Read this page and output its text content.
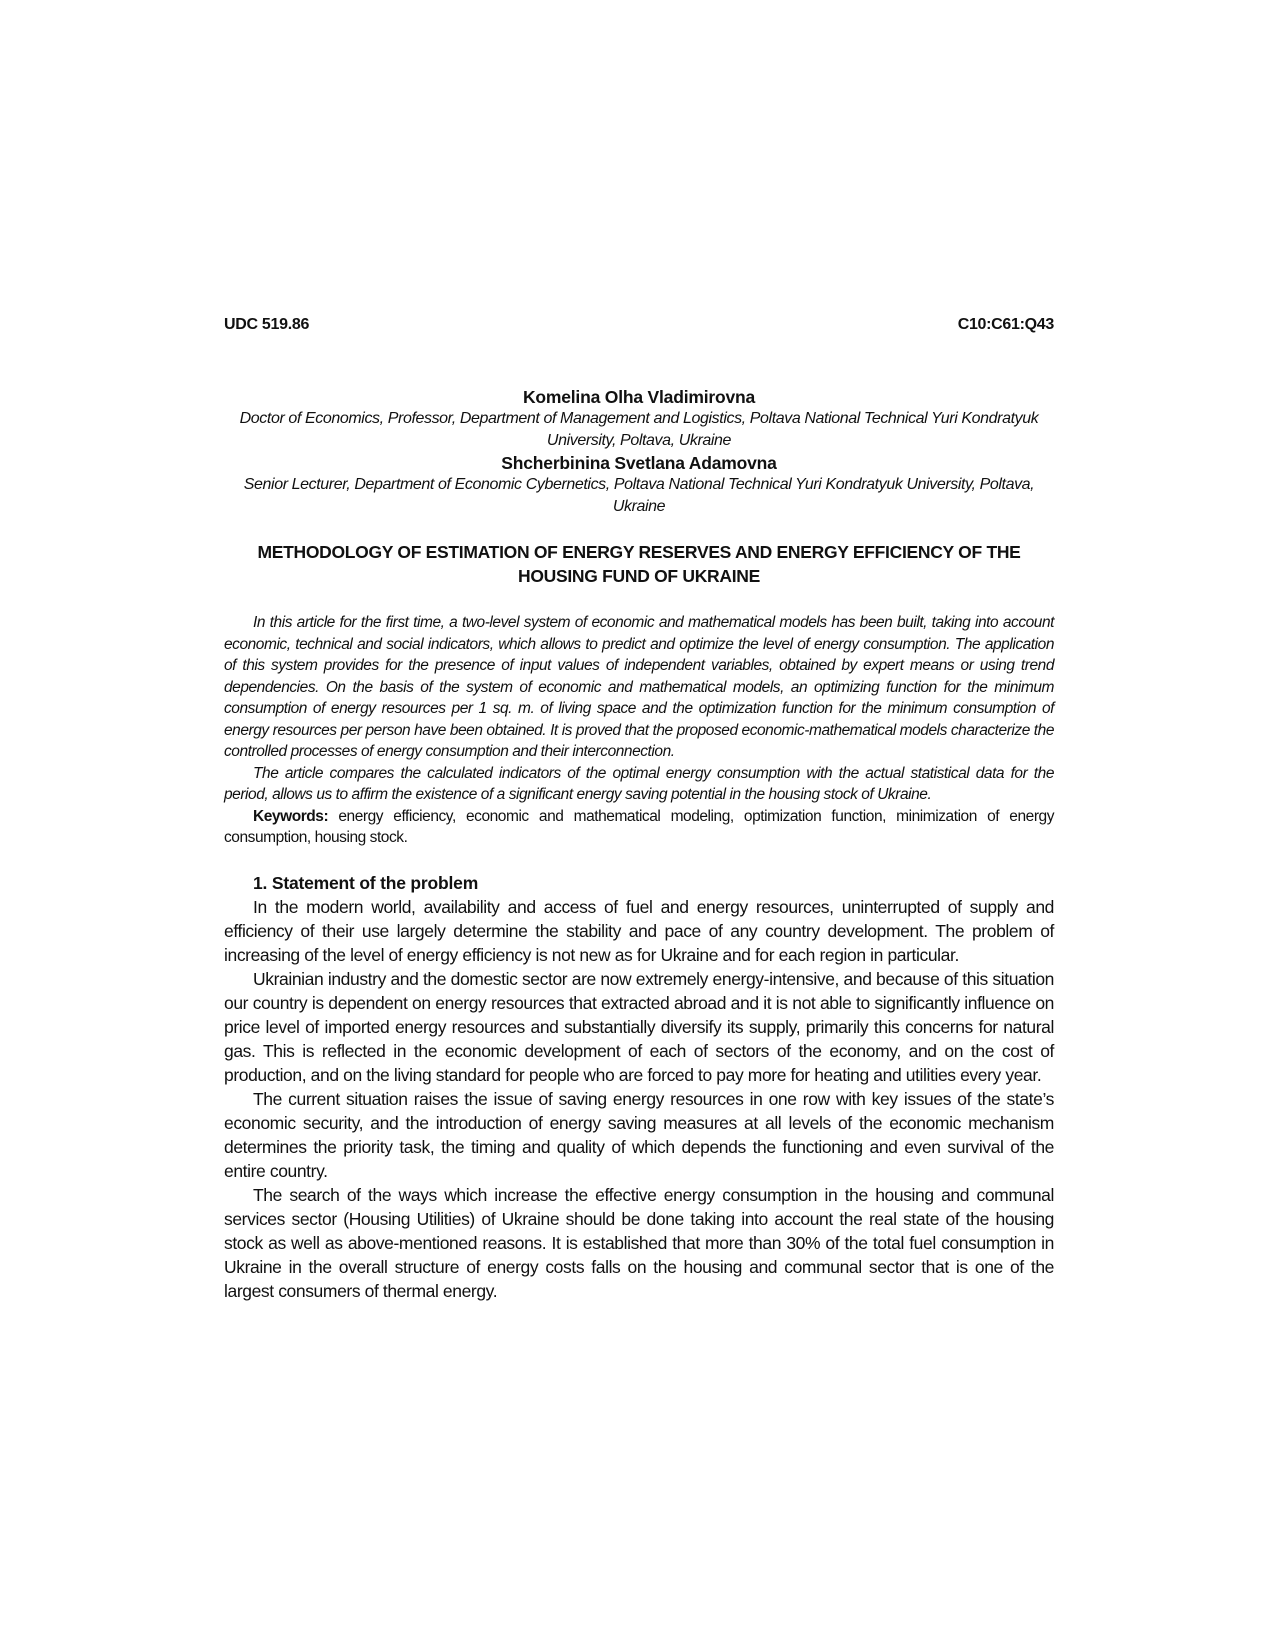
UDC 519.86	C10:C61:Q43
Komelina Olha Vladimirovna
Doctor of Economics, Professor, Department of Management and Logistics, Poltava National Technical Yuri Kondratyuk University, Poltava, Ukraine
Shcherbinina Svetlana Adamovna
Senior Lecturer, Department of Economic Cybernetics, Poltava National Technical Yuri Kondratyuk University, Poltava, Ukraine
METHODOLOGY OF ESTIMATION OF ENERGY RESERVES AND ENERGY EFFICIENCY OF THE HOUSING FUND OF UKRAINE

In this article for the first time, a two-level system of economic and mathematical models has been built, taking into account economic, technical and social indicators, which allows to predict and optimize the level of energy consumption. The application of this system provides for the presence of input values of independent variables, obtained by expert means or using trend dependencies. On the basis of the system of economic and mathematical models, an optimizing function for the minimum consumption of energy resources per 1 sq. m. of living space and the optimization function for the minimum consumption of energy resources per person have been obtained. It is proved that the proposed economic-mathematical models characterize the controlled processes of energy consumption and their interconnection.

The article compares the calculated indicators of the optimal energy consumption with the actual statistical data for the period, allows us to affirm the existence of a significant energy saving potential in the housing stock of Ukraine.

Keywords: energy efficiency, economic and mathematical modeling, optimization function, minimization of energy consumption, housing stock.

1. Statement of the problem

In the modern world, availability and access of fuel and energy resources, uninterrupted of supply and efficiency of their use largely determine the stability and pace of any country development. The problem of increasing of the level of energy efficiency is not new as for Ukraine and for each region in particular.

Ukrainian industry and the domestic sector are now extremely energy-intensive, and because of this situation our country is dependent on energy resources that extracted abroad and it is not able to significantly influence on price level of imported energy resources and substantially diversify its supply, primarily this concerns for natural gas. This is reflected in the economic development of each of sectors of the economy, and on the cost of production, and on the living standard for people who are forced to pay more for heating and utilities every year.

The current situation raises the issue of saving energy resources in one row with key issues of the state’s economic security, and the introduction of energy saving measures at all levels of the economic mechanism determines the priority task, the timing and quality of which depends the functioning and even survival of the entire country.

The search of the ways which increase the effective energy consumption in the housing and communal services sector (Housing Utilities) of Ukraine should be done taking into account the real state of the housing stock as well as above-mentioned reasons. It is established that more than 30% of the total fuel consumption in Ukraine in the overall structure of energy costs falls on the housing and communal sector that is one of the largest consumers of thermal energy.
